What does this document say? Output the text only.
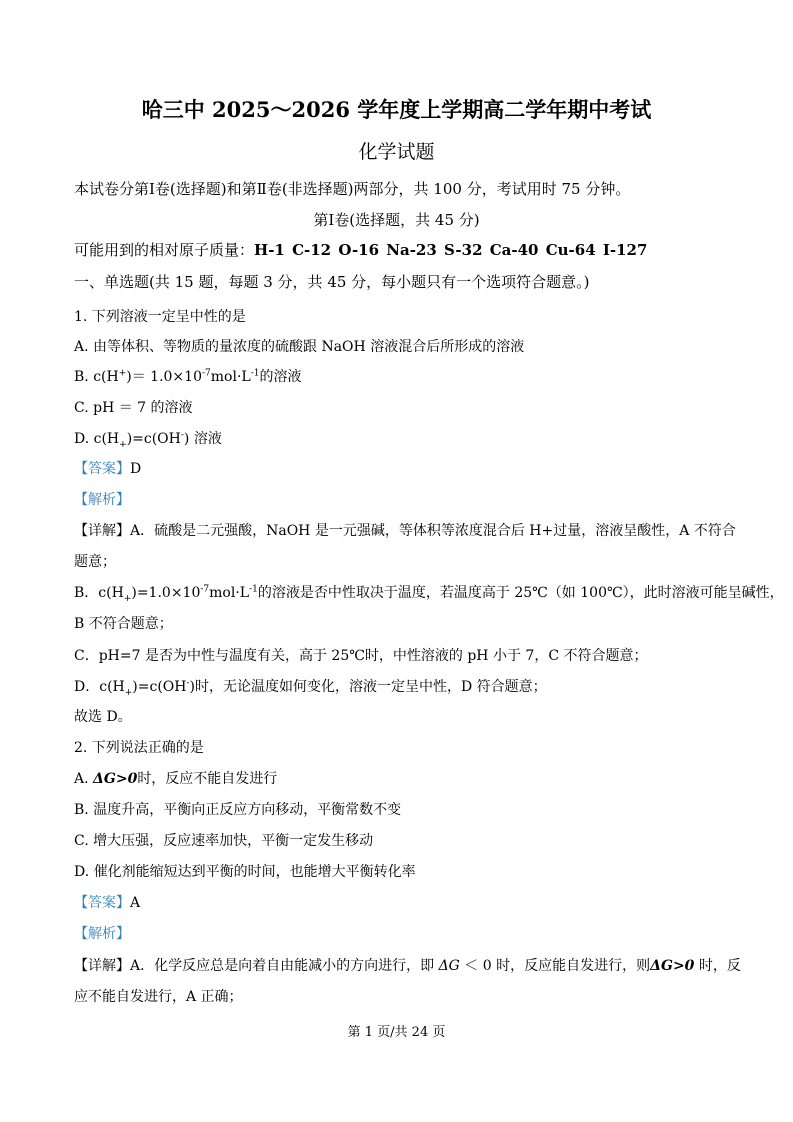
哈三中 2025～2026 学年度上学期高二学年期中考试
化学试题
本试卷分第Ⅰ卷(选择题)和第Ⅱ卷(非选择题)两部分，共 100 分，考试用时 75 分钟。
第Ⅰ卷(选择题，共 45 分)
可能用到的相对原子质量：H-1 C-12 O-16 Na-23 S-32 Ca-40 Cu-64 I-127
一、单选题(共 15 题，每题 3 分，共 45 分，每小题只有一个选项符合题意。)
1. 下列溶液一定呈中性的是
A. 由等体积、等物质的量浓度的硫酸跟 NaOH 溶液混合后所形成的溶液
B. $c(H^+)= 1.0\times 10^{-7}mol\cdot L^{-1}$的溶液
C. pH ＝ 7 的溶液
D. $c(H_+)=c(OH^-)$ 溶液
【答案】D
【解析】
【详解】A．硫酸是二元强酸，NaOH 是一元强碱，等体积等浓度混合后 H+过量，溶液呈酸性，A 不符合
题意；
B．$c(H_+)=1.0\times 10^{-7}mol\cdot L^{-1}$的溶液是否中性取决于温度，若温度高于 25℃（如 100℃），此时溶液可能呈碱性，
B 不符合题意；
C．pH=7 是否为中性与温度有关，高于 25℃时，中性溶液的 pH 小于 7，C 不符合题意；
D．$c(H_+)=c(OH^-)$时，无论温度如何变化，溶液一定呈中性，D 符合题意；
故选 D。
2. 下列说法正确的是
A. ΔG>0时，反应不能自发进行
B. 温度升高，平衡向正反应方向移动，平衡常数不变
C. 增大压强，反应速率加快，平衡一定发生移动
D. 催化剂能缩短达到平衡的时间，也能增大平衡转化率
【答案】A
【解析】
【详解】A．化学反应总是向着自由能减小的方向进行，即 ΔG ＜ 0 时，反应能自发进行，则ΔG>0 时，反
应不能自发进行，A 正确；
第 1 页/共 24 页
